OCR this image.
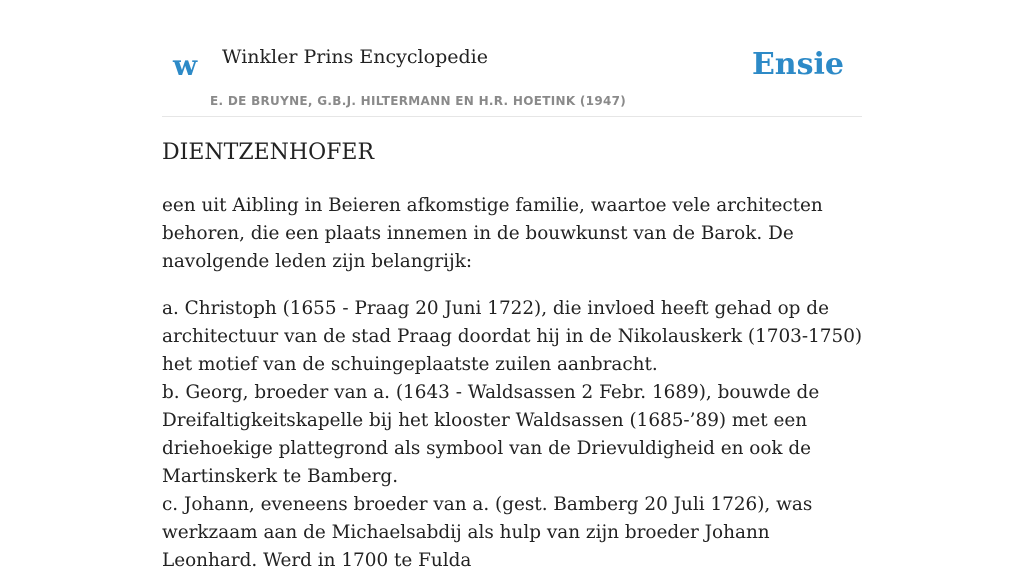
w Winkler Prins Encyclopedie
E. DE BRUYNE, G.B.J. HILTERMANN EN H.R. HOETINK (1947)
Ensie
DIENTZENHOFER

een uit Aibling in Beieren afkomstige familie, waartoe vele architecten behoren, die een plaats innemen in de bouwkunst van de Barok. De navolgende leden zijn belangrijk:

a. Christoph (1655 - Praag 20 Juni 1722), die invloed heeft gehad op de architectuur van de stad Praag doordat hij in de Nikolauskerk (1703-1750) het motief van de schuingeplaatste zuilen aanbracht.

b. Georg, broeder van a. (1643 - Waldsassen 2 Febr. 1689), bouwde de Dreifaltigkeitskapelle bij het klooster Waldsassen (1685-’89) met een driehoekige plattegrond als symbool van de Drievuldigheid en ook de Martinskerk te Bamberg.

c. Johann, eveneens broeder van a. (gest. Bamberg 20 Juli 1726), was werkzaam aan de Michaelsabdij als hulp van zijn broeder Johann Leonhard. Werd in 1700 te Fulda
